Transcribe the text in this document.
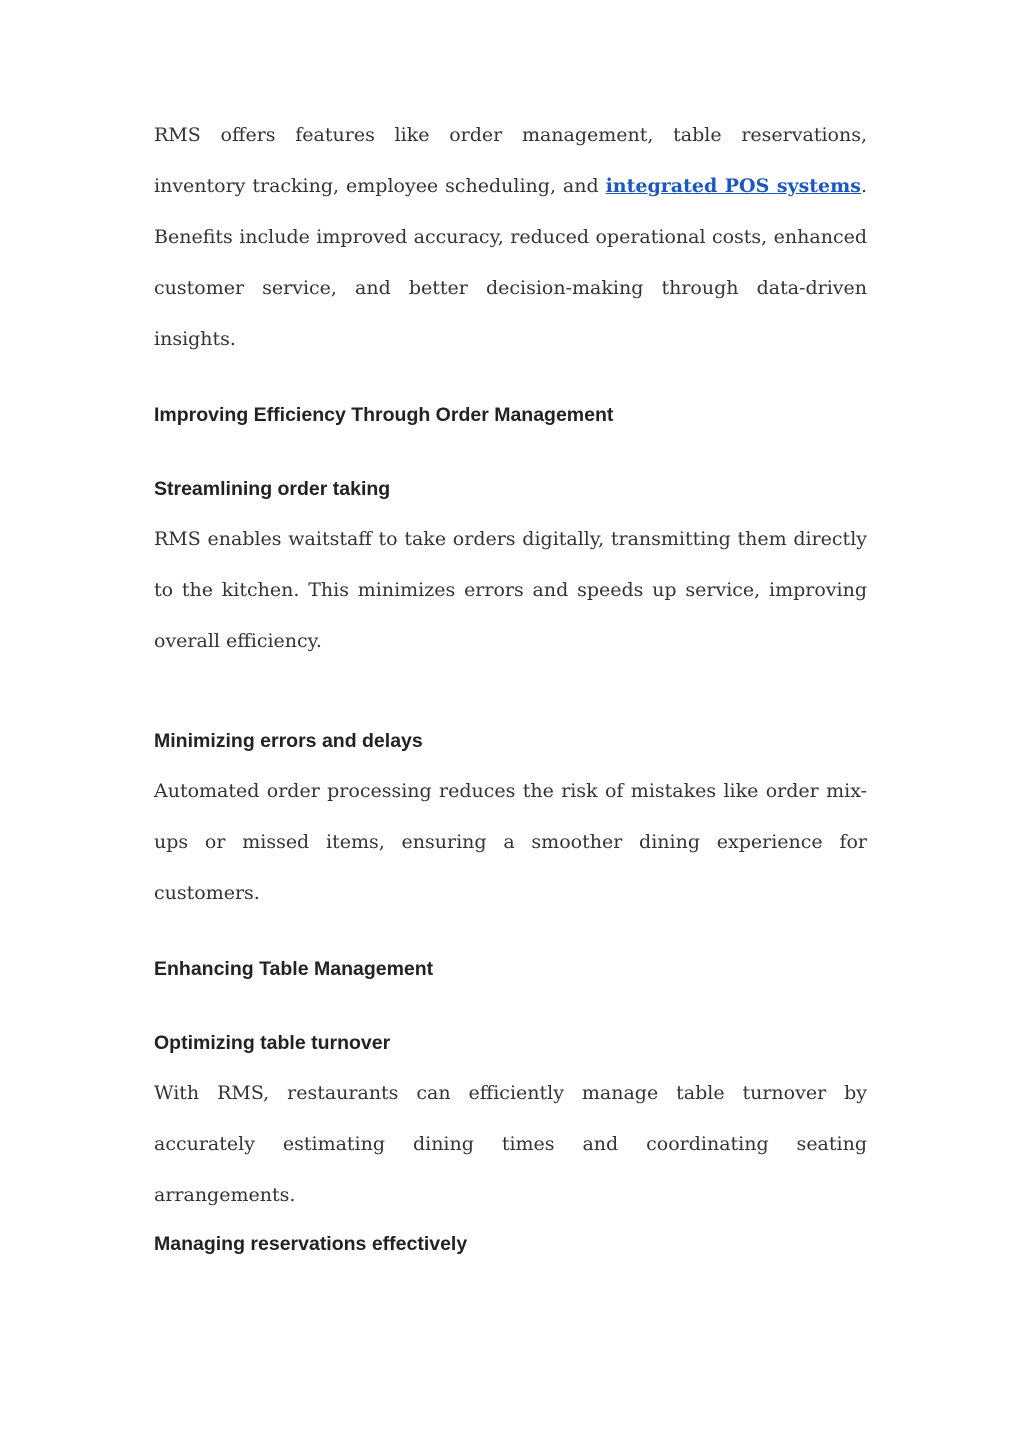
RMS offers features like order management, table reservations, inventory tracking, employee scheduling, and integrated POS systems. Benefits include improved accuracy, reduced operational costs, enhanced customer service, and better decision-making through data-driven insights.

Improving Efficiency Through Order Management
Streamlining order taking

RMS enables waitstaff to take orders digitally, transmitting them directly to the kitchen. This minimizes errors and speeds up service, improving overall efficiency.

Minimizing errors and delays

Automated order processing reduces the risk of mistakes like order mix-ups or missed items, ensuring a smoother dining experience for customers.

Enhancing Table Management
Optimizing table turnover

With RMS, restaurants can efficiently manage table turnover by accurately estimating dining times and coordinating seating arrangements.

Managing reservations effectively
